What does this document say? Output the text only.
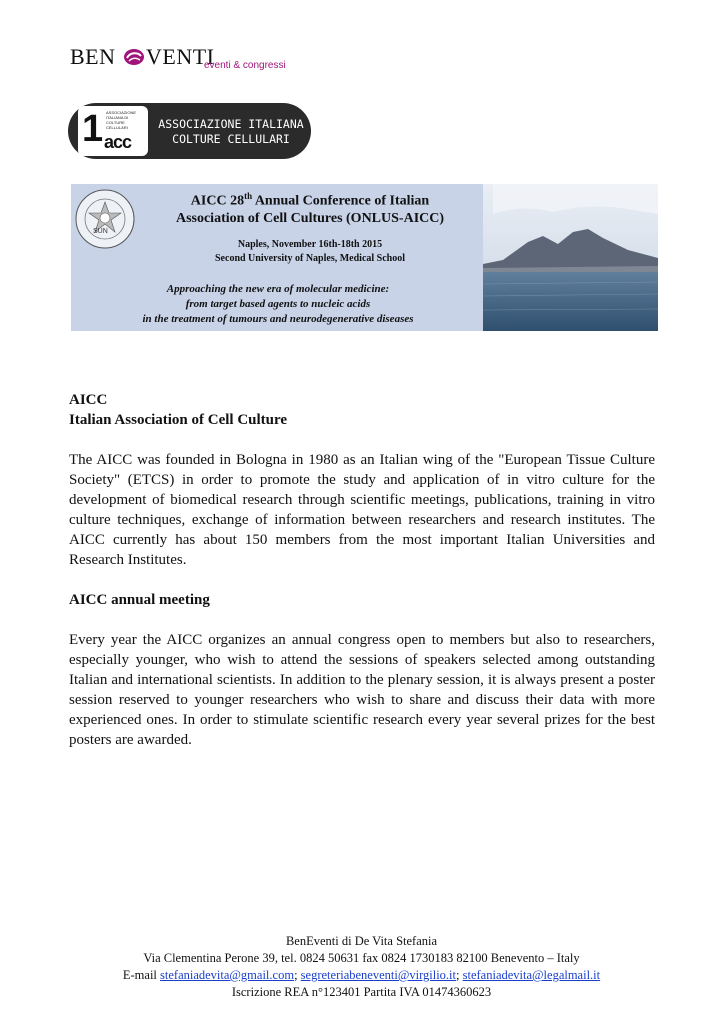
BEN VENTI
eventi & congressi
1 ASSOCIAZIONE ITALIANA DI COLTURE CELLULARI
acc
ASSOCIAZIONE ITALIANA
COLTURE CELLULARI
SUN
AICC 28th Annual Conference of Italian
Association of Cell Cultures (ONLUS-AICC)
Naples, November 16th-18th 2015
Second University of Naples, Medical School
Approaching the new era of molecular medicine:
from target based agents to nucleic acids
in the treatment of tumours and neurodegenerative diseases
AICC
Italian Association of Cell Culture

The AICC was founded in Bologna in 1980 as an Italian wing of the "European Tissue Culture Society" (ETCS) in order to promote the study and application of in vitro culture for the development of biomedical research through scientific meetings, publications, training in vitro culture techniques, exchange of information between researchers and research institutes. The AICC currently has about 150 members from the most important Italian Universities and Research Institutes.

AICC annual meeting

Every year the AICC organizes an annual congress open to members but also to researchers, especially younger, who wish to attend the sessions of speakers selected among outstanding Italian and international scientists. In addition to the plenary session, it is always present a poster session reserved to younger researchers who wish to share and discuss their data with more experienced ones. In order to stimulate scientific research every year several prizes for the best posters are awarded.

BenEventi di De Vita Stefania
Via Clementina Perone 39, tel. 0824 50631 fax 0824 1730183 82100 Benevento – Italy
E-mail stefaniadevita@gmail.com; segreteriabeneventi@virgilio.it; stefaniadevita@legalmail.it
Iscrizione REA n°123401 Partita IVA 01474360623
